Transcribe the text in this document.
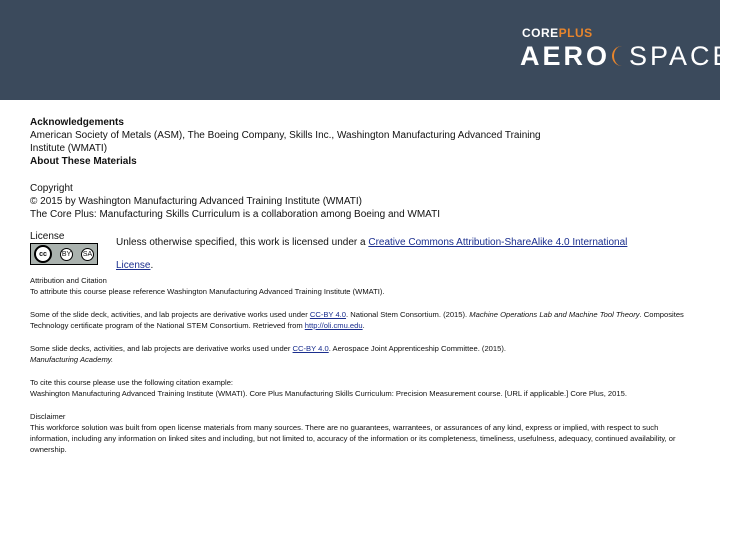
COREPLUS
AERO SPACE
Acknowledgements
American Society of Metals (ASM), The Boeing Company, Skills Inc., Washington Manufacturing Advanced Training
Institute (WMATI)
About These Materials
Copyright
© 2015 by Washington Manufacturing Advanced Training Institute (WMATI)
The Core Plus: Manufacturing Skills Curriculum is a collaboration among Boeing and WMATI
License
cc	BY SA
Unless otherwise specified, this work is licensed under a Creative Commons Attribution-ShareAlike 4.0 International License.
Attribution and Citation
To attribute this course please reference Washington Manufacturing Advanced Training Institute (WMATI).
Some of the slide deck, activities, and lab projects are derivative works used under CC-BY 4.0. National Stem Consortium. (2015). Machine Operations Lab and Machine Tool Theory. Composites Technology certificate program of the National STEM Consortium. Retrieved from http://oli.cmu.edu.
Some slide decks, activities, and lab projects are derivative works used under CC-BY 4.0. Aerospace Joint Apprenticeship Committee. (2015).
Manufacturing Academy.
To cite this course please use the following citation example:
Washington Manufacturing Advanced Training Institute (WMATI). Core Plus Manufacturing Skills Curriculum: Precision Measurement course. [URL if applicable.] Core Plus, 2015.
Disclaimer
This workforce solution was built from open license materials from many sources. There are no guarantees, warrantees, or assurances of any kind, express or implied, with respect to such information, including any information on linked sites and including, but not limited to, accuracy of the information or its completeness, timeliness, usefulness, adequacy, continued availability, or ownership.
